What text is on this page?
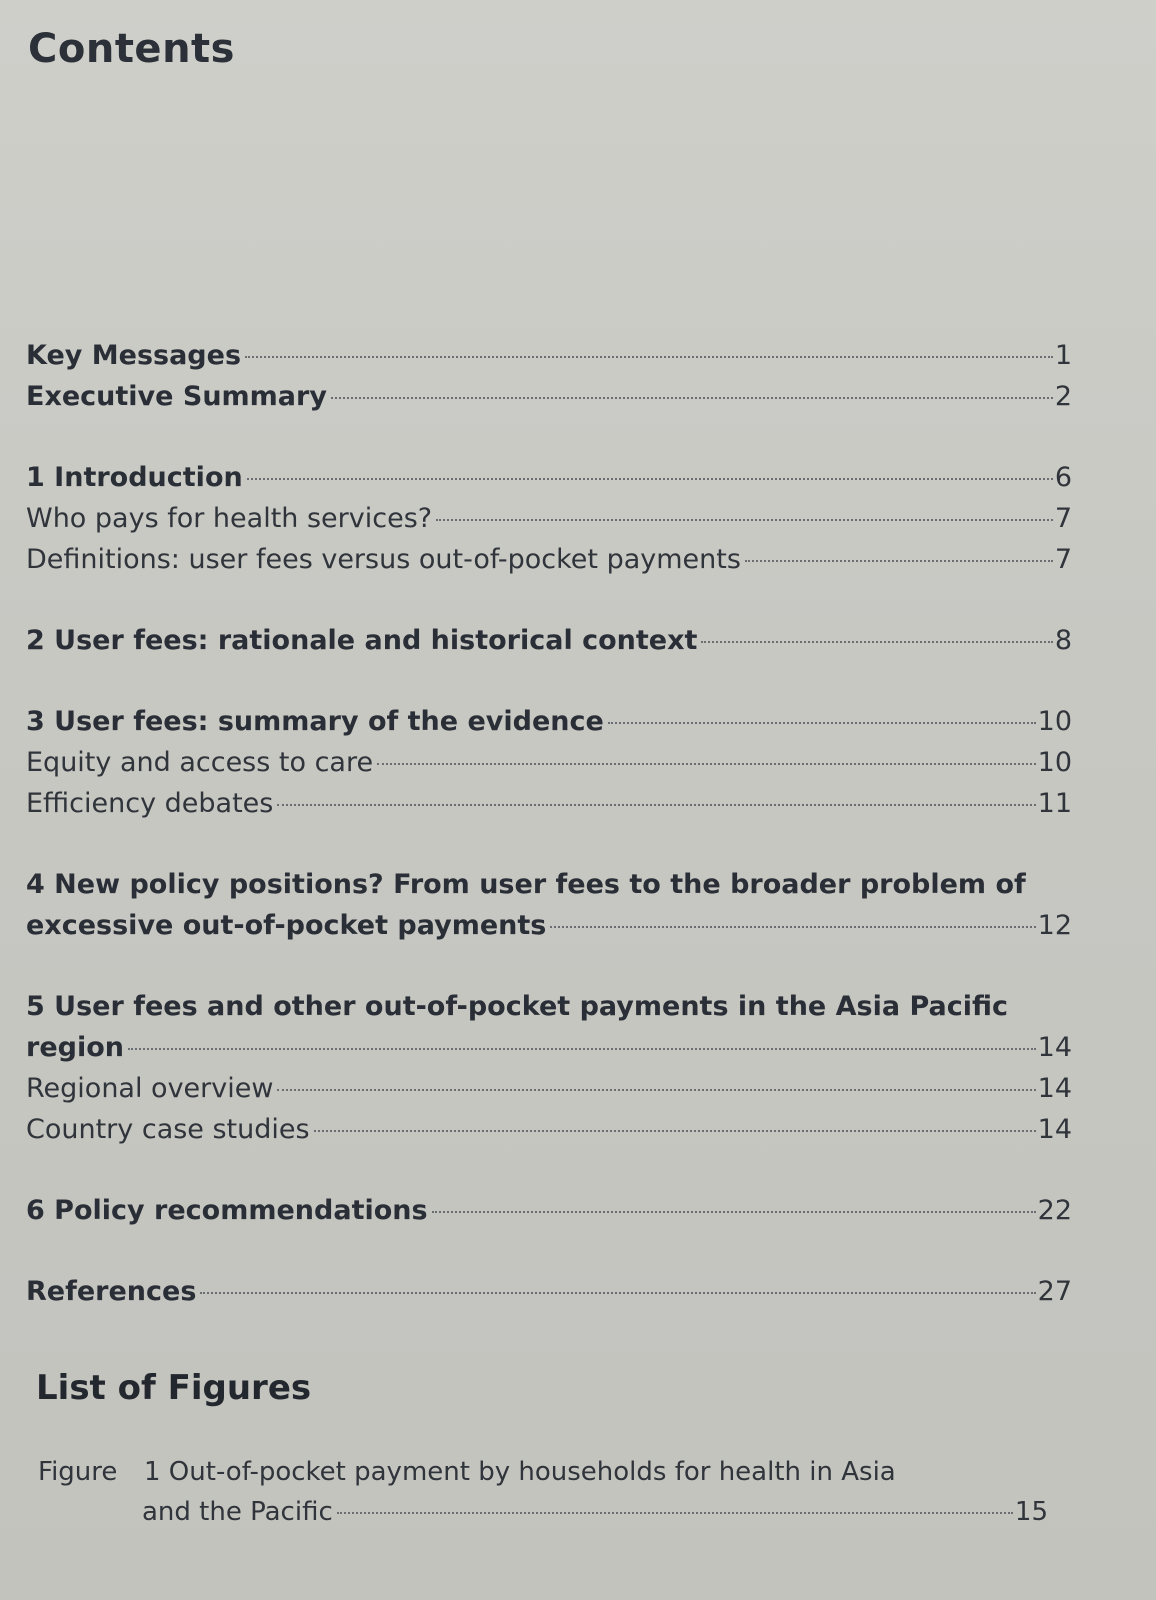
Contents
Key Messages	1
Executive Summary	2
1 Introduction	6
Who pays for health services?	7
Definitions: user fees versus out-of-pocket payments	7
2 User fees: rationale and historical context	8
3 User fees: summary of the evidence	10
Equity and access to care	10
Efficiency debates	11
4 New policy positions? From user fees to the broader problem of
excessive out-of-pocket payments	12
5 User fees and other out-of-pocket payments in the Asia Pacific
region	14
Regional overview	14
Country case studies	14
6 Policy recommendations	22
References	27
List of Figures
Figure 1 Out-of-pocket payment by households for health in Asia
and the Pacific	15
